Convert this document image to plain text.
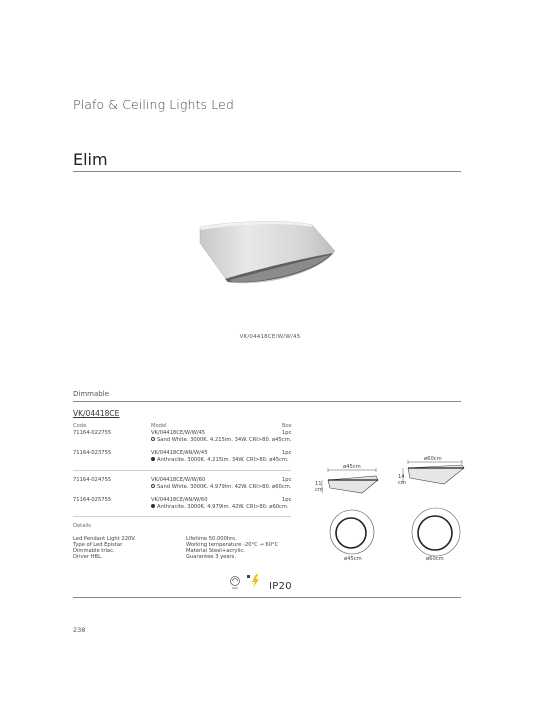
Plafo & Ceiling Lights Led
Elim
VK/04418CE/W/W/45
Dimmable
VK/04418CE
Code	Model	Box
71164-022755	VK/04418CE/W/W/45	1pc
Sand White. 3000K. 4.215lm. 34W. CRI>80. ø45cm.
71164-023755	VK/04418CE/AN/W/45	1pc
Anthracite. 3000K. 4.215lm. 34W. CRI>80. ø45cm.
71164-024755	VK/04418CE/W/W/60	1pc
Sand White. 3000K. 4.979lm. 42W. CRI>80. ø60cm.
71164-025755	VK/04418CE/AN/W/60	1pc
Anthracite. 3000K. 4.979lm. 42W. CRI>80. ø60cm.
Details
Led Pendant Light 220V.
Type of Led Epistar.
Dimmable triac.
Driver HBL.
Lifetime 50.000hrs.
Working temperature -20°C → 60°C
Material Steel+acrylic.
Guarantee 3 years.
ø45cm
11
cm
ø45cm
ø60cm
14
cm
ø60cm
IP20
238
